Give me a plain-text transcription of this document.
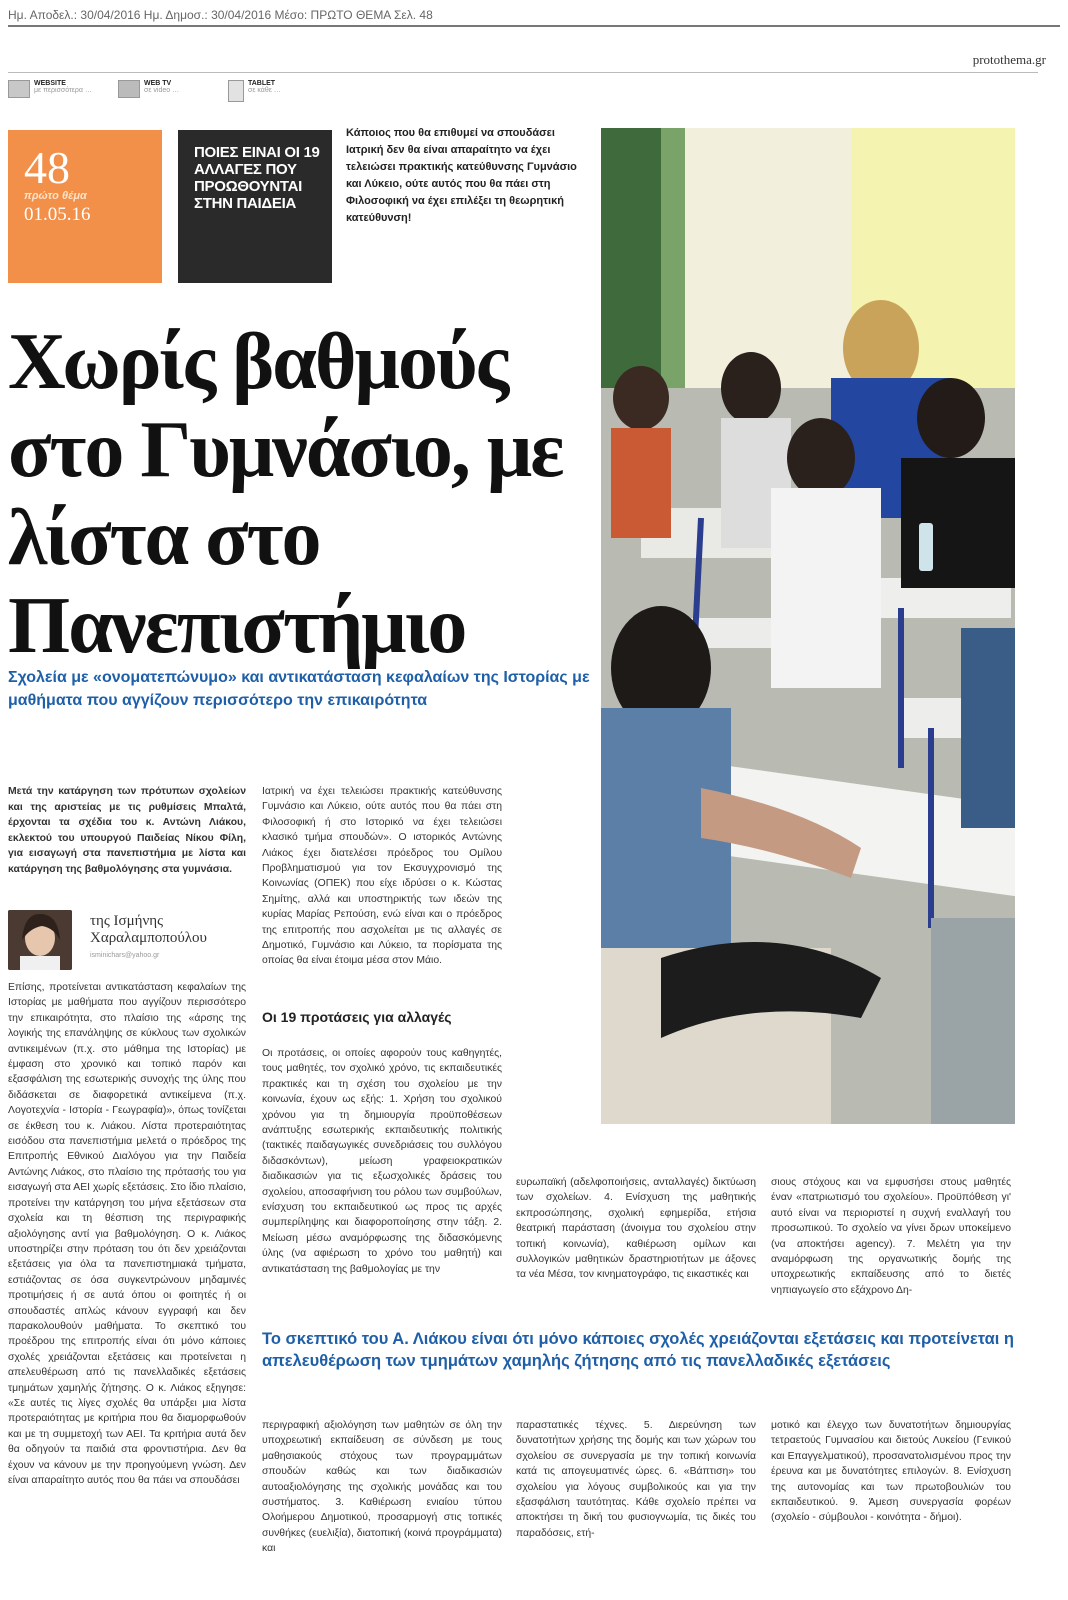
Ημ. Αποδελ.: 30/04/2016 Ημ. Δημοσ.: 30/04/2016 Μέσο: ΠΡΩΤΟ ΘΕΜΑ Σελ. 48
protothema.gr
WEBSITE
με περισσότερα …
WEB TV
σε video …
TABLET
σε κάθε …
48
πρώτο θέμα
01.05.16

ΠΟΙΕΣ ΕΙΝΑΙ ΟΙ 19 ΑΛΛΑΓΕΣ ΠΟΥ ΠΡΟΩΘΟΥΝΤΑΙ ΣΤΗΝ ΠΑΙΔΕΙΑ

Κάποιος που θα επιθυμεί να σπουδάσει Ιατρική δεν θα είναι απαραίτητο να έχει τελειώσει πρακτικής κατεύθυνσης Γυμνάσιο και Λύκειο, ούτε αυτός που θα πάει στη Φιλοσοφική να έχει επιλέξει τη θεωρητική κατεύθυνση!
Χωρίς βαθμούς στο Γυμνάσιο, με λίστα στο Πανεπιστήμιο
Σχολεία με «ονοματεπώνυμο» και αντικατάσταση κεφαλαίων της Ιστορίας με μαθήματα που αγγίζουν περισσότερο την επικαιρότητα
Μετά την κατάργηση των πρότυπων σχολείων και της αριστείας με τις ρυθμίσεις Μπαλτά, έρχονται τα σχέδια του κ. Αντώνη Λιάκου, εκλεκτού του υπουργού Παιδείας Νίκου Φίλη, για εισαγωγή στα πανεπιστήμια με λίστα και κατάργηση της βαθμολόγησης στα γυμνάσια.
της Ισμήνης
Χαραλαμποπούλου
isminichars@yahoo.gr
Επίσης, προτείνεται αντικατάσταση κεφαλαίων της Ιστορίας με μαθήματα που αγγίζουν περισσότερο την επικαιρότητα, στο πλαίσιο της «άρσης της λογικής της επανάληψης σε κύκλους των σχολικών αντικειμένων (π.χ. στο μάθημα της Ιστορίας) με έμφαση στο χρονικό και τοπικό παρόν και εξασφάλιση της εσωτερικής συνοχής της ύλης που διδάσκεται σε διαφορετικά αντικείμενα (π.χ. Λογοτεχνία - Ιστορία - Γεωγραφία)», όπως τονίζεται σε έκθεση του κ. Λιάκου. Λίστα προτεραιότητας εισόδου στα πανεπιστήμια μελετά ο πρόεδρος της Επιτροπής Εθνικού Διαλόγου για την Παιδεία Αντώνης Λιάκος, στο πλαίσιο της πρότασής του για εισαγωγή στα ΑΕΙ χωρίς εξετάσεις. Στο ίδιο πλαίσιο, προτείνει την κατάργηση του μήνα εξετάσεων στα σχολεία και τη θέσπιση της περιγραφικής αξιολόγησης αντί για βαθμολόγηση. Ο κ. Λιάκος υποστηρίζει στην πρόταση του ότι δεν χρειάζονται εξετάσεις για όλα τα πανεπιστημιακά τμήματα, εστιάζοντας σε όσα συγκεντρώνουν μηδαμινές προτιμήσεις ή σε αυτά όπου οι φοιτητές ή οι σπουδαστές απλώς κάνουν εγγραφή και δεν παρακολουθούν μαθήματα. Το σκεπτικό του προέδρου της επιτροπής είναι ότι μόνο κάποιες σχολές χρειάζονται εξετάσεις και προτείνεται η απελευθέρωση από τις πανελλαδικές εξετάσεις τμημάτων χαμηλής ζήτησης. Ο κ. Λιάκος εξηγησε: «Σε αυτές τις λίγες σχολές θα υπάρξει μια λίστα προτεραιότητας με κριτήρια που θα διαμορφωθούν και με τη συμμετοχή των ΑΕΙ. Τα κριτήρια αυτά δεν θα οδηγούν τα παιδιά στα φροντιστήρια. Δεν θα έχουν να κάνουν με την προηγούμενη γνώση. Δεν είναι απαραίτητο αυτός που θα πάει να σπουδάσει
Ιατρική να έχει τελειώσει πρακτικής κατεύθυνσης Γυμνάσιο και Λύκειο, ούτε αυτός που θα πάει στη Φιλοσοφική ή στο Ιστορικό να έχει τελειώσει κλασικό τμήμα σπουδών». Ο ιστορικός Αντώνης Λιάκος έχει διατελέσει πρόεδρος του Ομίλου Προβληματισμού για τον Εκσυγχρονισμό της Κοινωνίας (ΟΠΕΚ) που είχε ιδρύσει ο κ. Κώστας Σημίτης, αλλά και υποστηρικτής των ιδεών της κυρίας Μαρίας Ρεπούση, ενώ είναι και ο πρόεδρος της επιτροπής που ασχολείται με τις αλλαγές σε Δημοτικό, Γυμνάσιο και Λύκειο, τα πορίσματα της οποίας θα είναι έτοιμα μέσα στον Μάιο.
Οι 19 προτάσεις για αλλαγές
Οι προτάσεις, οι οποίες αφορούν τους καθηγητές, τους μαθητές, τον σχολικό χρόνο, τις εκπαιδευτικές πρακτικές και τη σχέση του σχολείου με την κοινωνία, έχουν ως εξής: 1. Χρήση του σχολικού χρόνου για τη δημιουργία προϋποθέσεων ανάπτυξης εσωτερικής εκπαιδευτικής πολιτικής (τακτικές παιδαγωγικές συνεδριάσεις του συλλόγου διδασκόντων), μείωση γραφειοκρατικών διαδικασιών για τις εξωσχολικές δράσεις του σχολείου, αποσαφήνιση του ρόλου των συμβούλων, ενίσχυση του εκπαιδευτικού ως προς τις αρχές συμπερίληψης και διαφοροποίησης στην τάξη. 2. Μείωση μέσω αναμόρφωσης της διδασκόμενης ύλης (να αφιέρωση το χρόνο του μαθητή) και αντικατάσταση της βαθμολογίας με την
ευρωπαϊκή (αδελφοποιήσεις, ανταλλαγές) δικτύωση των σχολείων. 4. Ενίσχυση της μαθητικής εκπροσώπησης, σχολική εφημερίδα, ετήσια θεατρική παράσταση (άνοιγμα του σχολείου στην τοπική κοινωνία), καθιέρωση ομίλων και συλλογικών μαθητικών δραστηριοτήτων με άξονες τα νέα Μέσα, τον κινηματογράφο, τις εικαστικές και
σιους στόχους και να εμφυσήσει στους μαθητές έναν «πατριωτισμό του σχολείου». Προϋπόθεση γι' αυτό είναι να περιοριστεί η συχνή εναλλαγή του προσωπικού. Το σχολείο να γίνει δρων υποκείμενο (να αποκτήσει agency). 7. Μελέτη για την αναμόρφωση της οργανωτικής δομής της υποχρεωτικής εκπαίδευσης από το διετές νηπιαγωγείο στο εξάχρονο Δη-
Το σκεπτικό του Α. Λιάκου είναι ότι μόνο κάποιες σχολές χρειάζονται εξετάσεις και προτείνεται η απελευθέρωση των τμημάτων χαμηλής ζήτησης από τις πανελλαδικές εξετάσεις
περιγραφική αξιολόγηση των μαθητών σε όλη την υποχρεωτική εκπαίδευση σε σύνδεση με τους μαθησιακούς στόχους των προγραμμάτων σπουδών καθώς και των διαδικασιών αυτοαξιολόγησης της σχολικής μονάδας και του συστήματος. 3. Καθιέρωση ενιαίου τύπου Ολοήμερου Δημοτικού, προσαρμογή στις τοπικές συνθήκες (ευελιξία), διατοπική (κοινά προγράμματα) και
παραστατικές τέχνες. 5. Διερεύνηση των δυνατοτήτων χρήσης της δομής και των χώρων του σχολείου σε συνεργασία με την τοπική κοινωνία κατά τις απογευματινές ώρες. 6. «Βάπτιση» του σχολείου για λόγους συμβολικούς και για την εξασφάλιση ταυτότητας. Κάθε σχολείο πρέπει να αποκτήσει τη δική του φυσιογνωμία, τις δικές του παραδόσεις, ετή-
μοτικό και έλεγχο των δυνατοτήτων δημιουργίας τετραετούς Γυμνασίου και διετούς Λυκείου (Γενικού και Επαγγελματικού), προσανατολισμένου προς την έρευνα και με δυνατότητες επιλογών. 8. Ενίσχυση της αυτονομίας και των πρωτοβουλιών του εκπαιδευτικού. 9. Άμεση συνεργασία φορέων (σχολείο - σύμβουλοι - κοινότητα - δήμοι).
